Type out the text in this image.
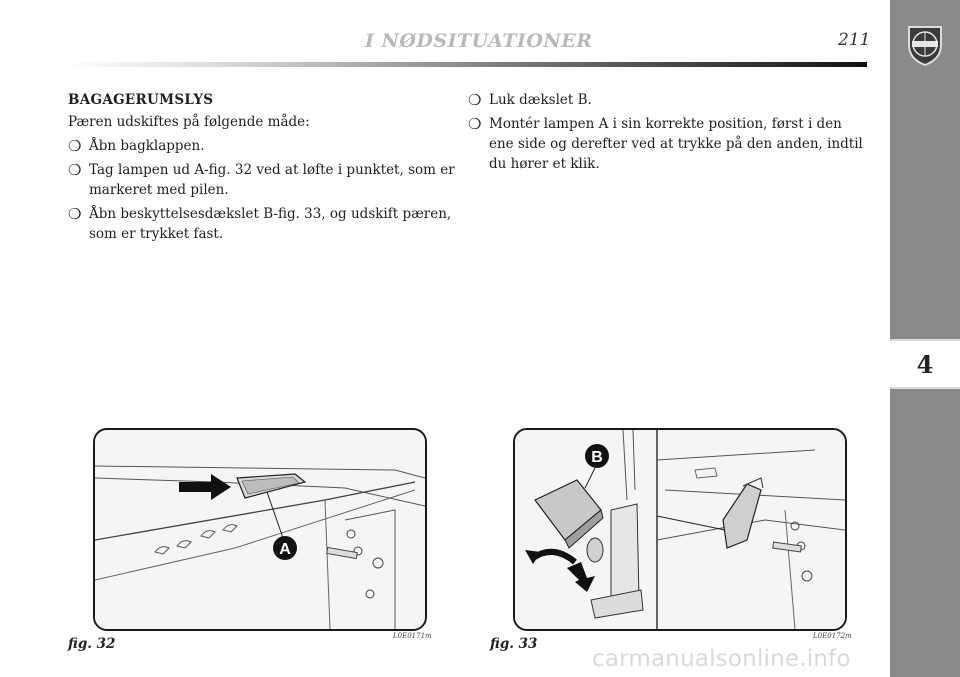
I NØDSITUATIONER	211
4
BAGAGERUMSLYS
Pæren udskiftes på følgende måde:
❍ Åbn bagklappen.
❍ Tag lampen ud A-fig. 32 ved at løfte i punktet, som er markeret med pilen.
❍ Åbn beskyttelsesdækslet B-fig. 33, og udskift pæren, som er trykket fast.
❍ Luk dækslet B.
❍ Montér lampen A i sin korrekte position, først i den ene side og derefter ved at trykke på den anden, indtil du hører et klik.
A
fig. 32	L0E0171m
B
fig. 33	L0E0172m
carmanualsonline.info
